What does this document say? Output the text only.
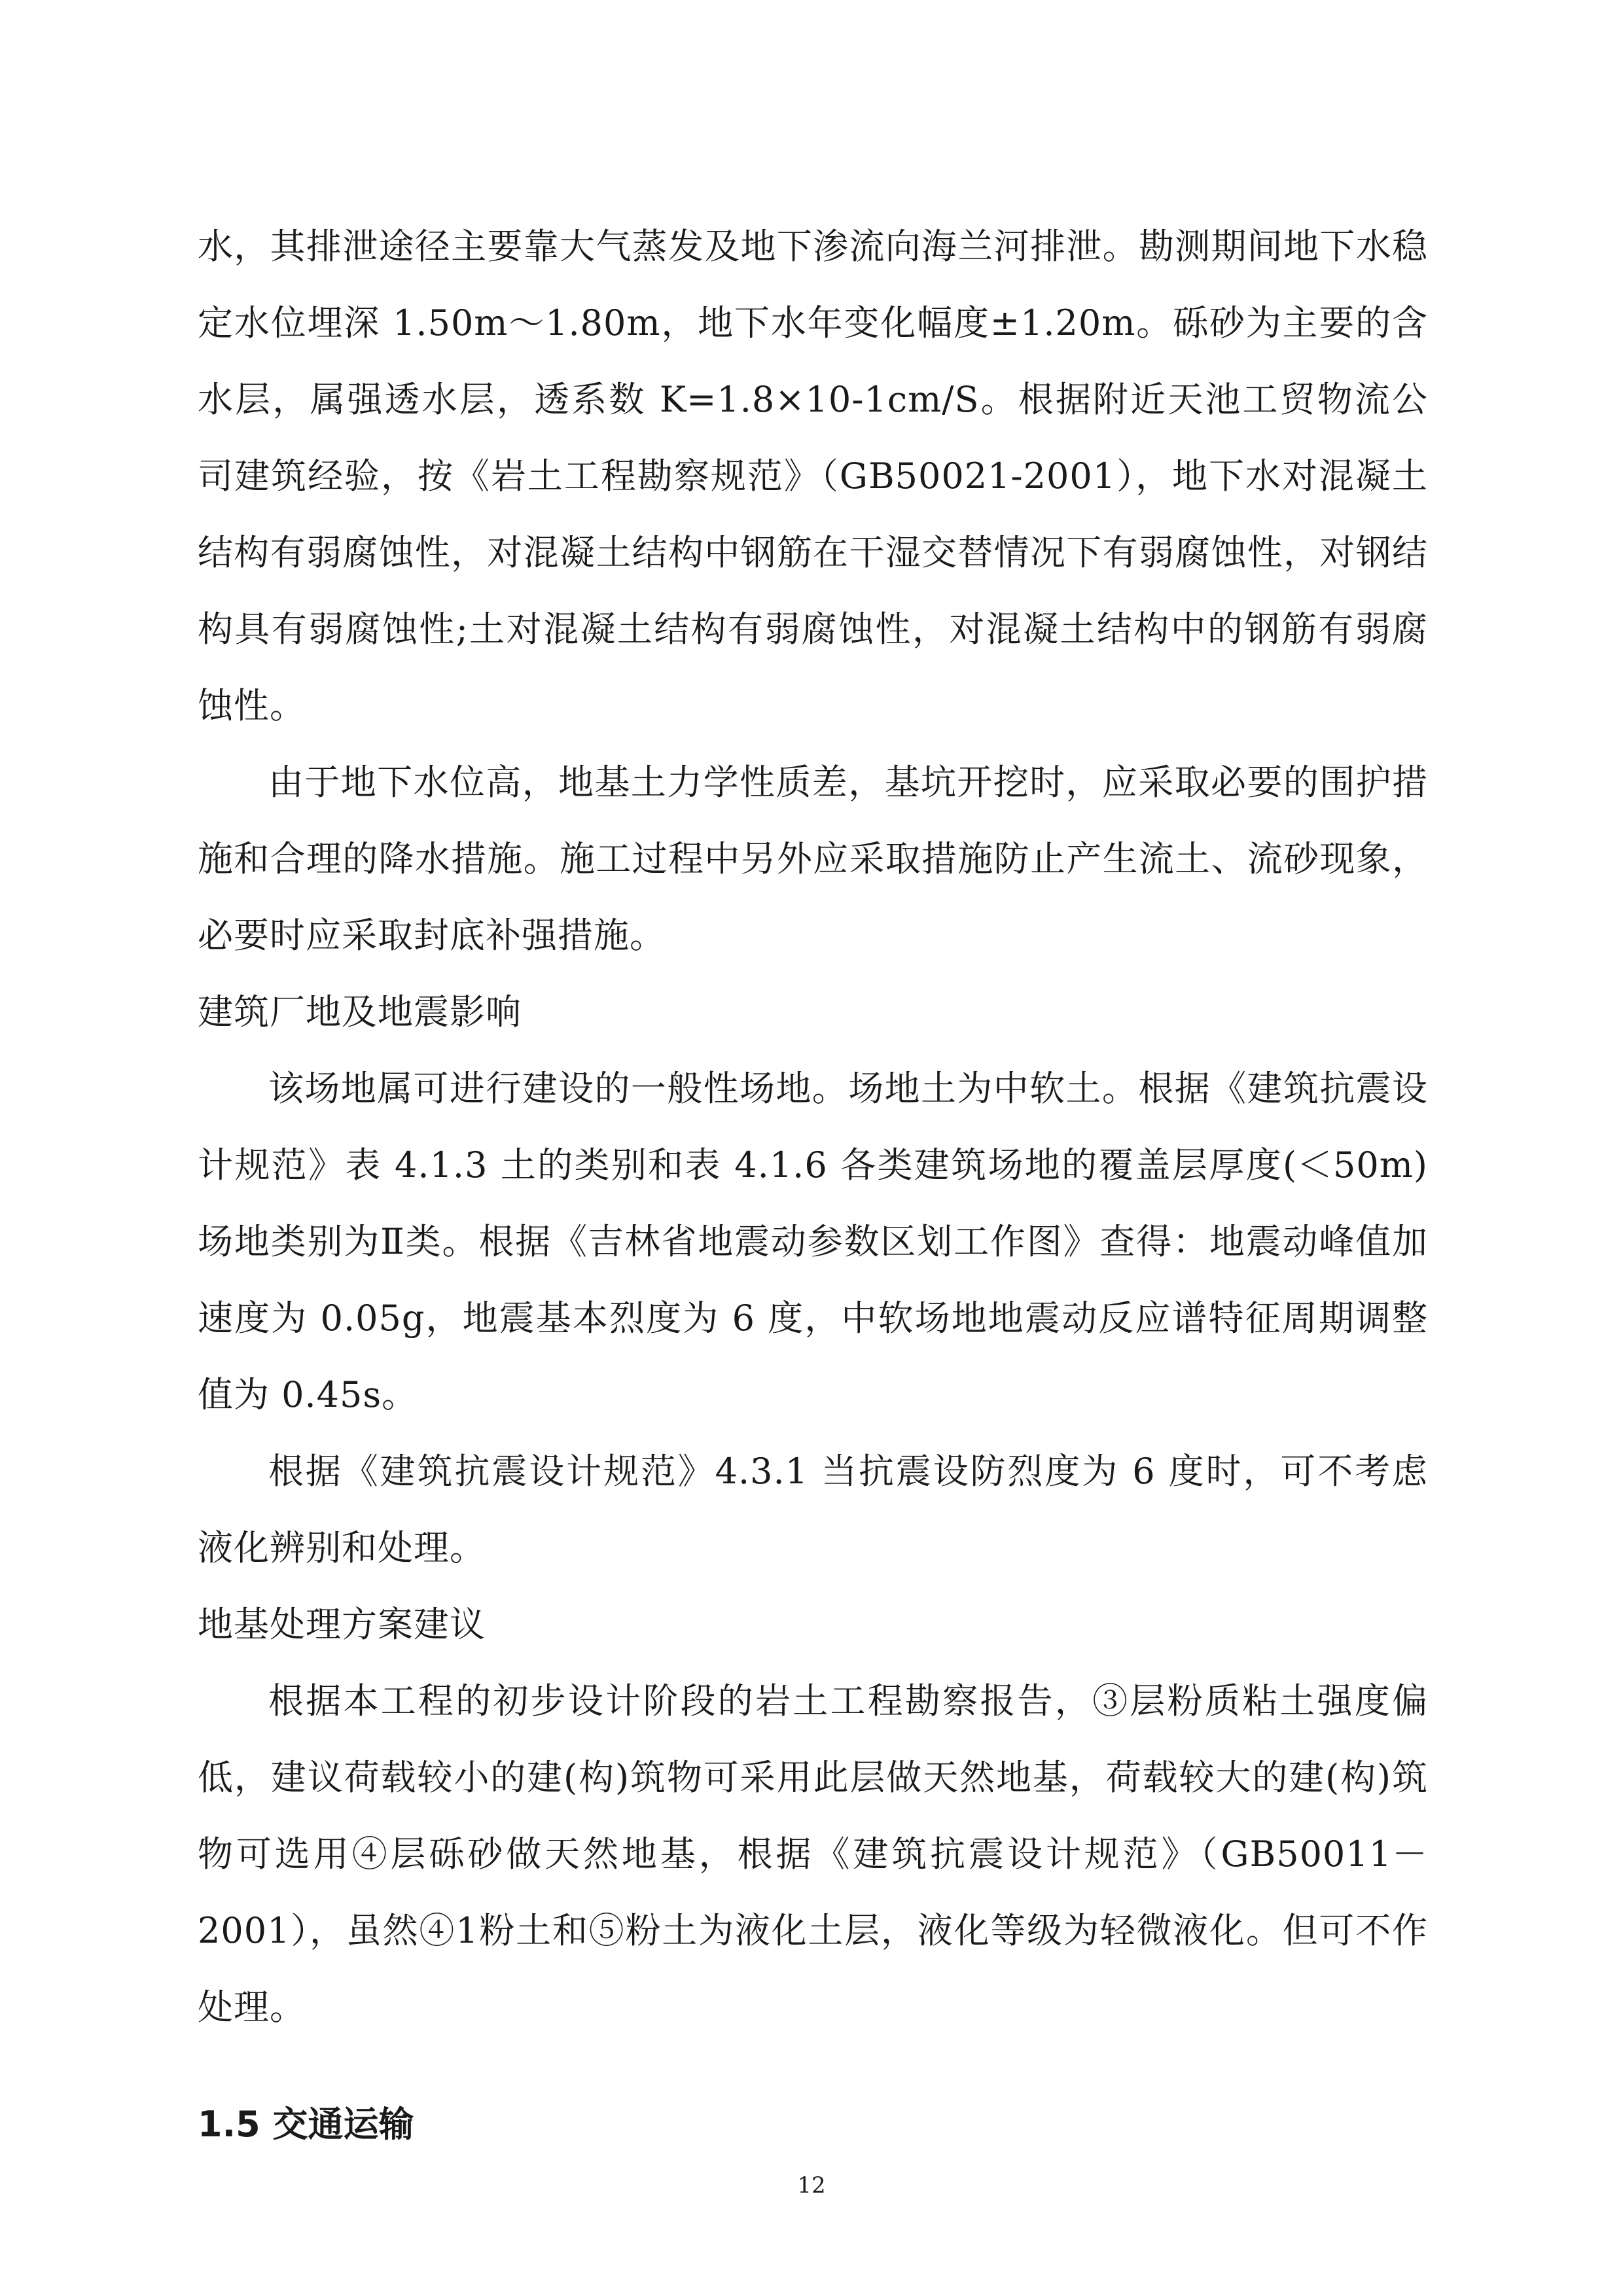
水，其排泄途径主要靠大气蒸发及地下渗流向海兰河排泄。勘测期间地下水稳定水位埋深 1.50m～1.80m，地下水年变化幅度±1.20m。砾砂为主要的含水层，属强透水层，透系数 K=1.8×10-1cm/S。根据附近天池工贸物流公司建筑经验，按《岩土工程勘察规范》（GB50021-2001），地下水对混凝土结构有弱腐蚀性，对混凝土结构中钢筋在干湿交替情况下有弱腐蚀性，对钢结构具有弱腐蚀性;土对混凝土结构有弱腐蚀性，对混凝土结构中的钢筋有弱腐蚀性。

由于地下水位高，地基土力学性质差，基坑开挖时，应采取必要的围护措施和合理的降水措施。施工过程中另外应采取措施防止产生流土、流砂现象，必要时应采取封底补强措施。

建筑厂地及地震影响

该场地属可进行建设的一般性场地。场地土为中软土。根据《建筑抗震设计规范》表 4.1.3 土的类别和表 4.1.6 各类建筑场地的覆盖层厚度(＜50m)场地类别为Ⅱ类。根据《吉林省地震动参数区划工作图》查得：地震动峰值加速度为 0.05g，地震基本烈度为 6 度，中软场地地震动反应谱特征周期调整值为 0.45s。

根据《建筑抗震设计规范》4.3.1 当抗震设防烈度为 6 度时，可不考虑液化辨别和处理。

地基处理方案建议

根据本工程的初步设计阶段的岩土工程勘察报告，③层粉质粘土强度偏低，建议荷载较小的建(构)筑物可采用此层做天然地基，荷载较大的建(构)筑物可选用④层砾砂做天然地基，根据《建筑抗震设计规范》（GB50011－2001），虽然④1粉土和⑤粉土为液化土层，液化等级为轻微液化。但可不作处理。

1.5 交通运输
12
